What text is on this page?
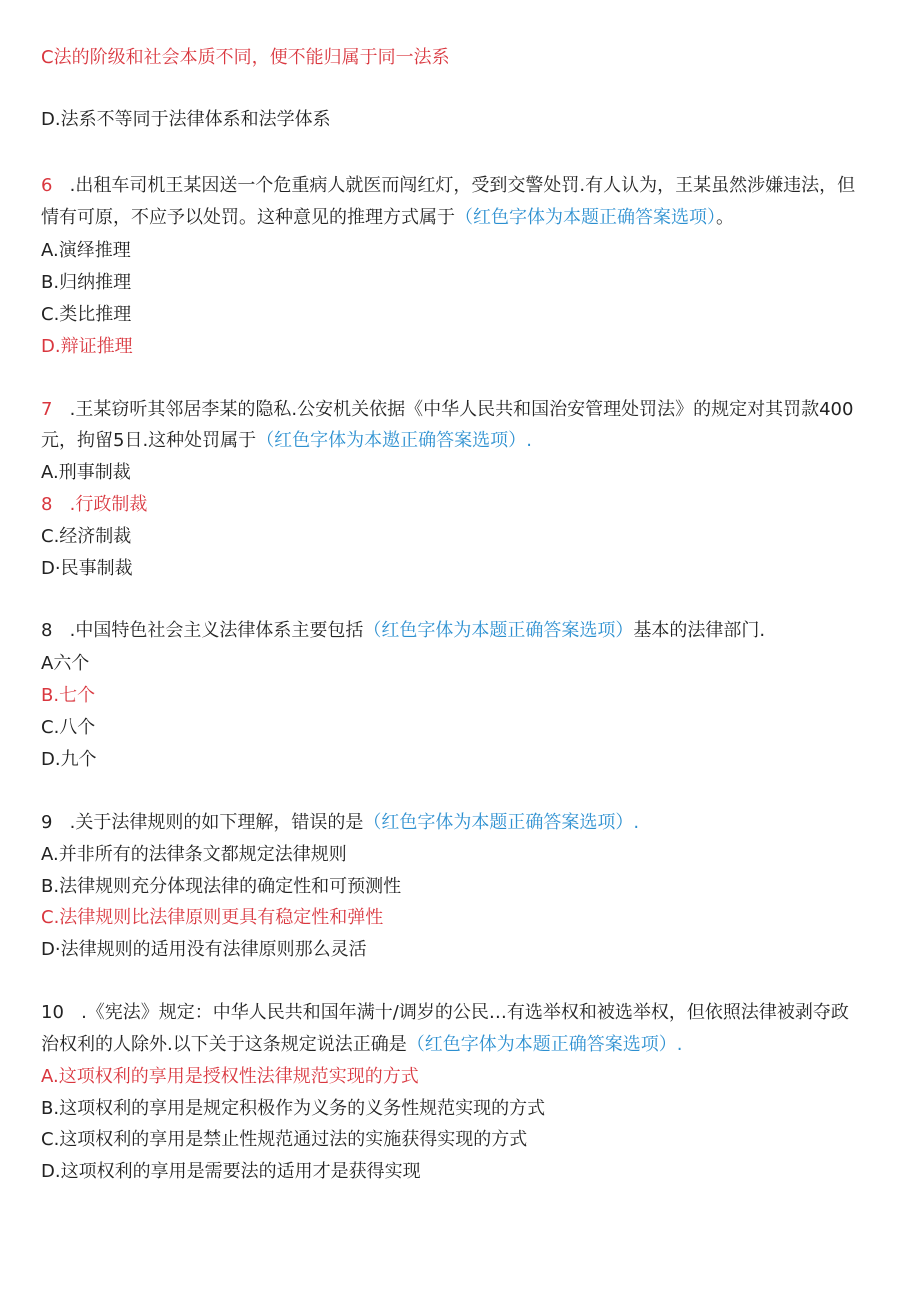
C法的阶级和社会本质不同，便不能归属于同一法系
D.法系不等同于法律体系和法学体系
6 .出租车司机王某因送一个危重病人就医而闯红灯，受到交警处罚.有人认为，王某虽然涉嫌违法，但
情有可原，不应予以处罚。这种意见的推理方式属于（红色字体为本题正确答案选项）。
A.演绎推理
B.归纳推理
C.类比推理
D.辩证推理
7 .王某窃听其邻居李某的隐私.公安机关依据《中华人民共和国治安管理处罚法》的规定对其罚款400
元，拘留5日.这种处罚属于（红色字体为本遨正确答案选项）.
A.刑事制裁
8 .行政制裁
C.经济制裁
D·民事制裁
8 .中国特色社会主义法律体系主要包括（红色字体为本题正确答案选项）基本的法律部门.
A六个
B.七个
C.八个
D.九个
9 .关于法律规则的如下理解，错误的是（红色字体为本题正确答案选项）.
A.并非所有的法律条文都规定法律规则
B.法律规则充分体现法律的确定性和可预测性
C.法律规则比法律原则更具有稳定性和弹性
D·法律规则的适用没有法律原则那么灵活
10 .《宪法》规定：中华人民共和国年满十/调岁的公民…有选举权和被选举权，但依照法律被剥夺政
治权利的人除外.以下关于这条规定说法正确是（红色字体为本题正确答案选项）.
A.这项权利的享用是授权性法律规范实现的方式
B.这项权利的享用是规定积极作为义务的义务性规范实现的方式
C.这项权利的享用是禁止性规范通过法的实施获得实现的方式
D.这项权利的享用是需要法的适用才是获得实现
